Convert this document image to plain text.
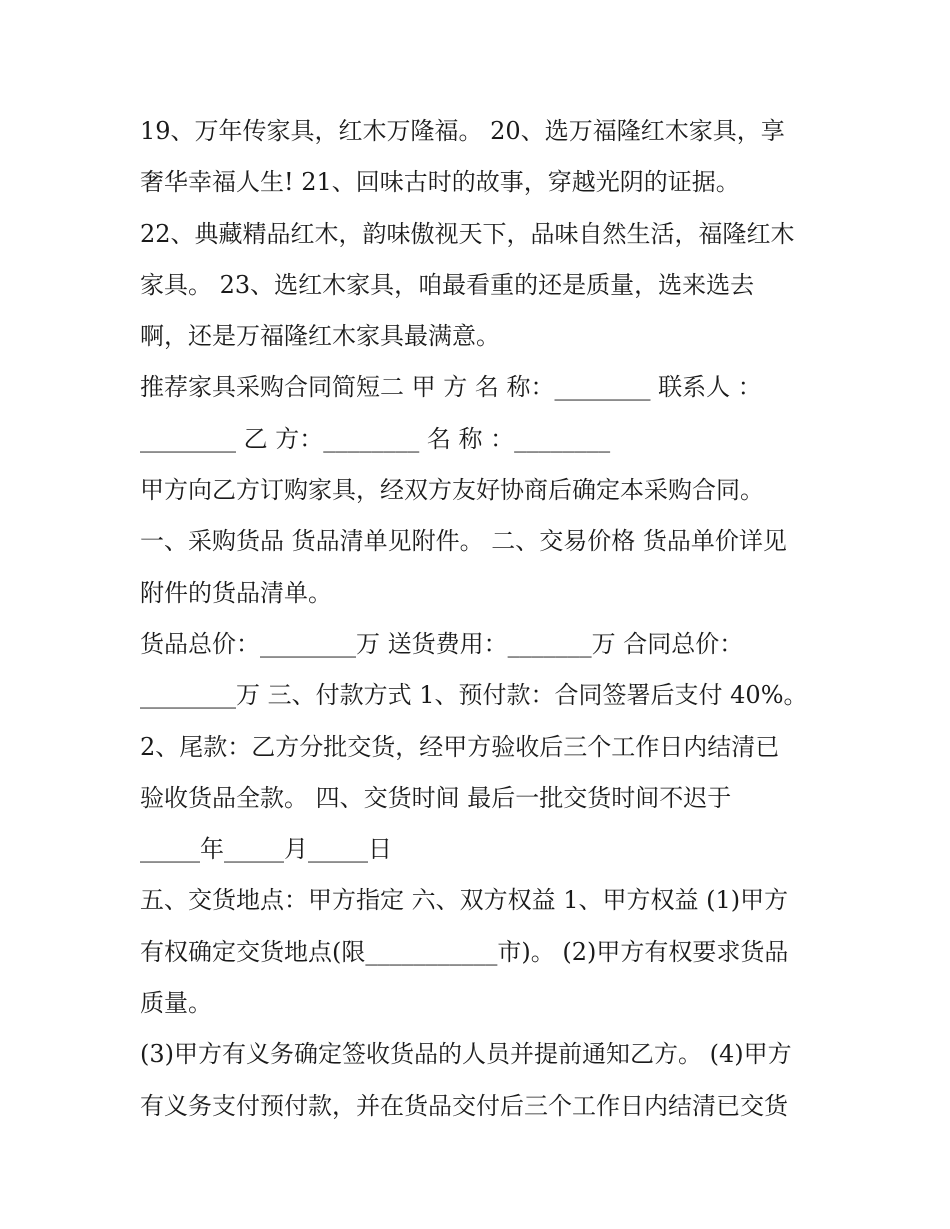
19、万年传家具，红木万隆福。 20、选万福隆红木家具，享
奢华幸福人生! 21、回味古时的故事，穿越光阴的证据。
22、典藏精品红木，韵味傲视天下，品味自然生活，福隆红木
家具。 23、选红木家具，咱最看重的还是质量，选来选去
啊，还是万福隆红木家具最满意。
推荐家具采购合同简短二 甲 方 名 称：________ 联系人 ：
________ 乙 方：________ 名 称 ：________
甲方向乙方订购家具，经双方友好协商后确定本采购合同。
一、采购货品 货品清单见附件。 二、交易价格 货品单价详见
附件的货品清单。
货品总价：________万 送货费用：_______万 合同总价：
________万 三、付款方式 1、预付款：合同签署后支付 40%。
2、尾款：乙方分批交货，经甲方验收后三个工作日内结清已
验收货品全款。 四、交货时间 最后一批交货时间不迟于
_____年_____月_____日
五、交货地点：甲方指定 六、双方权益 1、甲方权益 (1)甲方
有权确定交货地点(限___________市)。 (2)甲方有权要求货品
质量。
(3)甲方有义务确定签收货品的人员并提前通知乙方。 (4)甲方
有义务支付预付款，并在货品交付后三个工作日内结清已交货
